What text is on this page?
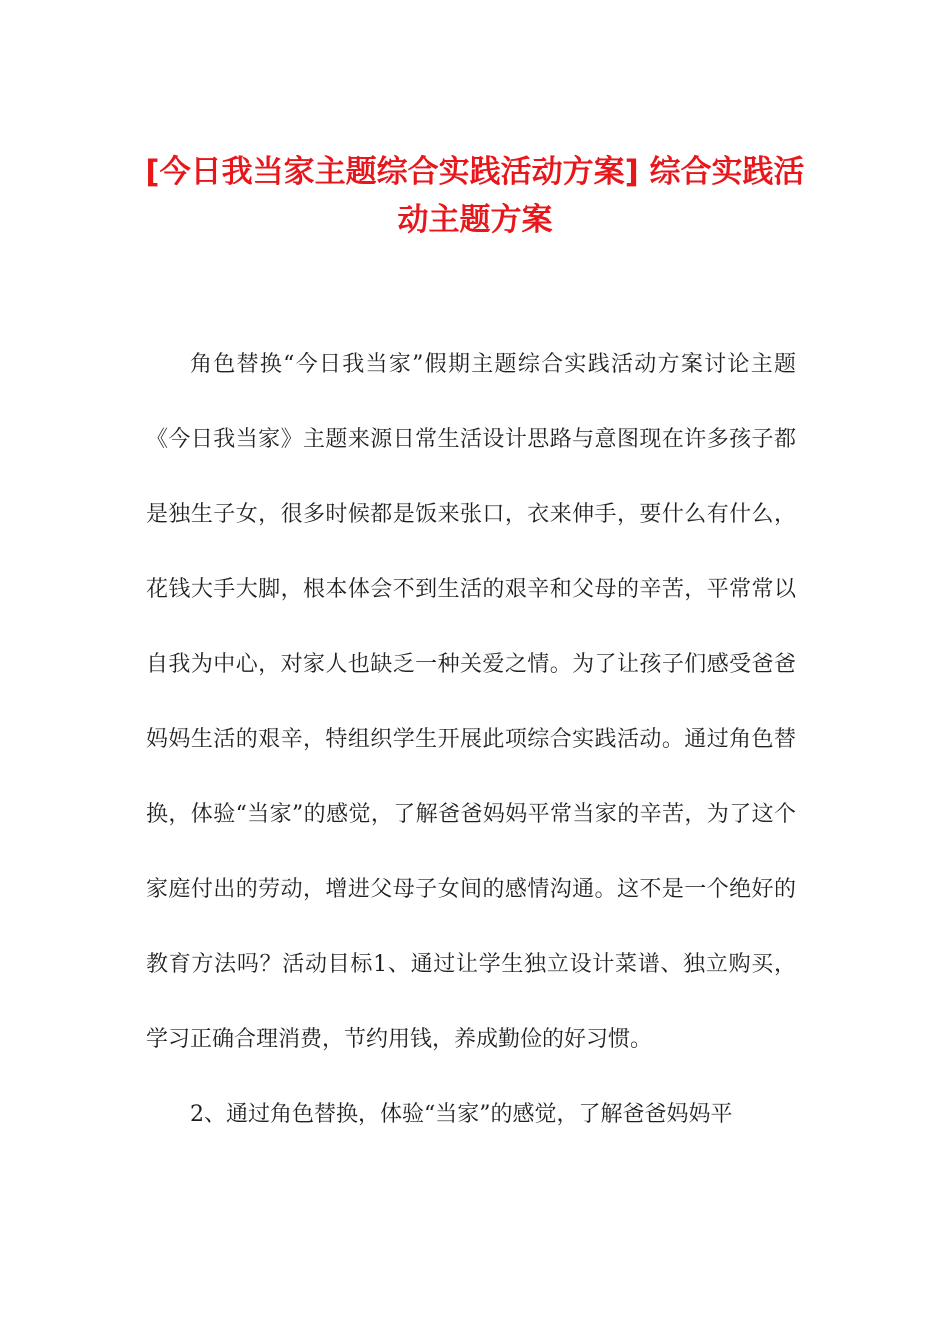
[今日我当家主题综合实践活动方案] 综合实践活动主题方案

角色替换“今日我当家”假期主题综合实践活动方案讨论主题《今日我当家》主题来源日常生活设计思路与意图现在许多孩子都是独生子女，很多时候都是饭来张口，衣来伸手，要什么有什么，花钱大手大脚，根本体会不到生活的艰辛和父母的辛苦，平常常以自我为中心，对家人也缺乏一种关爱之情。为了让孩子们感受爸爸妈妈生活的艰辛，特组织学生开展此项综合实践活动。通过角色替换，体验“当家”的感觉，了解爸爸妈妈平常当家的辛苦，为了这个家庭付出的劳动，增进父母子女间的感情沟通。这不是一个绝好的教育方法吗？活动目标1、通过让学生独立设计菜谱、独立购买，学习正确合理消费，节约用钱，养成勤俭的好习惯。

2、通过角色替换，体验“当家”的感觉，了解爸爸妈妈平
